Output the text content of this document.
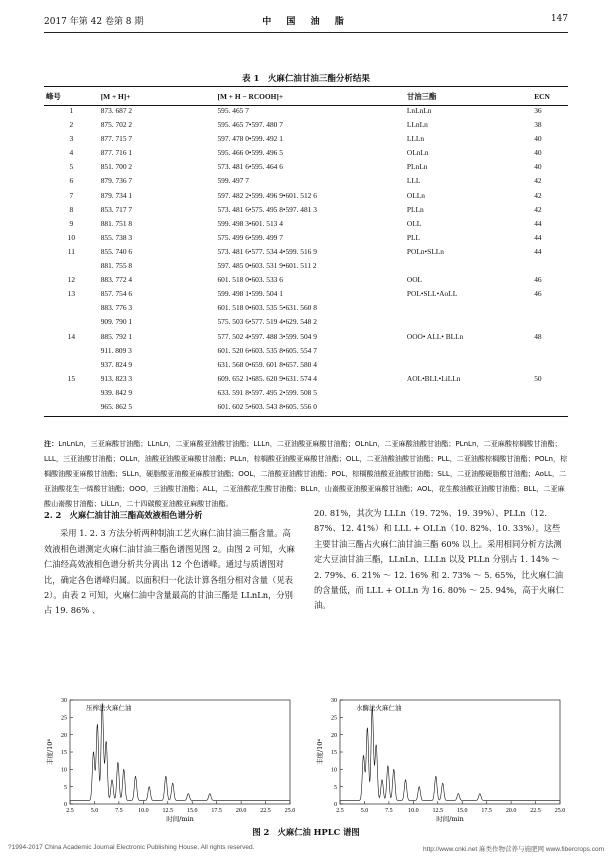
2017 年第 42 卷第 8 期	中 国 油 脂	147
表 1　火麻仁油甘油三酯分析结果
峰号	[M + H]+	[M + H − RCOOH]+	甘油三酯	ECN
1	873. 687 2	595. 465 7	LnLnLn	36
2	875. 702 2	595. 465 7•597. 480 7	LLnLn	38
3	877. 715 7	597. 478 0•599. 492 1	LLLn	40
4	877. 716 1	595. 466 0•599. 496 5	OLnLn	40
5	851. 700 2	573. 481 6•595. 464 6	PLnLn	40
6	879. 736 7	599. 497 7	LLL	42
7	879. 734 1	597. 482 2•599. 496 9•601. 512 6	OLLn	42
8	853. 717 7	573. 481 6•575. 495 8•597. 481 3	PLLn	42
9	881. 751 8	599. 498 3•601. 513 4	OLL	44
10	855. 738 3	575. 499 6•599. 499 7	PLL	44
11	855. 740 6	573. 481 6•577. 534 4•599. 516 9	POLn•SLLn	44
	881. 755 8	597. 485 0•603. 531 9•601. 511 2		
12	883. 772 4	601. 518 0•603. 533 6	OOL	46
13	857. 754 6	599. 498 1•599. 504 1	POL•SLL•AoLL	46
	883. 776 3	601. 518 0•603. 535 5•631. 560 8		
	909. 790 1	575. 503 6•577. 519 4•629. 548 2		
14	885. 792 1	577. 502 4•597. 488 3•599. 504 9	OOO• ALL• BLLn	48
	911. 809 3	601. 520 6•603. 535 8•605. 554 7		
	937. 824 9	631. 568 0•659. 601 8•657. 580 4		
15	913. 823 3	609. 652 1•685. 620 9•631. 574 4	AOL•BLL•LiLLn	50
	939. 842 9	633. 591 8•597. 495 2•599. 508 5		
	965. 862 5	601. 602 5•603. 543 8•605. 556 0		
注：LnLnLn，三亚麻酸甘油酯；LLnLn，二亚麻酸亚油酸甘油酯；LLLn，二亚油酸亚麻酸甘油酯；OLnLn，二亚麻酸油酸甘油酯；PLnLn，二亚麻酸棕榈酸甘油酯；LLL，三亚油酸甘油酯；OLLn，油酸亚油酸亚麻酸甘油酯；PLLn，棕榈酸亚油酸亚麻酸甘油酯；OLL，二亚油酸油酸甘油酯；PLL，二亚油酸棕榈酸甘油酯；POLn，棕榈酸油酸亚麻酸甘油酯；SLLn，硬脂酸亚油酸亚麻酸甘油酯；OOL，二油酸亚油酸甘油酯；POL，棕榈酸油酸亚油酸甘油酯；SLL，二亚油酸硬脂酸甘油酯；AoLL，二亚油酸花生一烯酸甘油酯；OOO，三油酸甘油酯；ALL，二亚油酸花生酸甘油酯；BLLn，山嵛酸亚油酸亚麻酸甘油酯；AOL，花生酸油酸亚油酸甘油酯；BLL，二亚麻酸山嵛酸甘油酯；LiLLn，二十四碳酸亚油酸亚麻酸甘油酯。
2. 2　火麻仁油甘油三酯高效液相色谱分析

采用 1. 2. 3 方法分析两种制油工艺火麻仁油甘油三酯含量。高效液相色谱测定火麻仁油甘油三酯色谱图见图 2。由图 2 可知，火麻仁油经高效液相色谱分析共分离出 12 个色谱峰。通过与质谱图对比，确定各色谱峰归属。以面积归一化法计算各组分相对含量（见表 2）。由表 2 可知，火麻仁油中含量最高的甘油三酯是 LLnLn，分别占 19. 86% 、

20. 81%，其次为 LLLn（19. 72%、19. 39%）、PLLn（12. 87%、12. 41%）和 LLL + OLLn（10. 82%、10. 33%）。这些主要甘油三酯占火麻仁油甘油三酯 60% 以上。采用相同分析方法测定大豆油甘油三酯，LLnLn、LLLn 以及 PLLn 分别占 1. 14% ～ 2. 79%、6. 21% ～ 12. 16% 和 2. 73% ～ 5. 65%，比火麻仁油的含量低，而 LLL + OLLn 为 16. 80% ～ 25. 94%，高于火麻仁油。

0
5
10
15
20
25
30
2.5	5.0	7.5	10.0 12.5 15.0 17.5 20.0 22.5 25.0
压榨法火麻仁油
时间/min
丰度/10⁴
0
5
10
15
20
25
30
2.5	5.0	7.5	10.0 12.5 15.0 17.5 20.0 22.5 25.0
水酶法火麻仁油
时间/min
丰度/10⁴
图 2　火麻仁油 HPLC 谱图
?1994-2017 China Academic Journal Electronic Publishing House. All rights reserved.	http://www.cnki.net 麻类作物营养与施肥网 www.fibercrops.com
